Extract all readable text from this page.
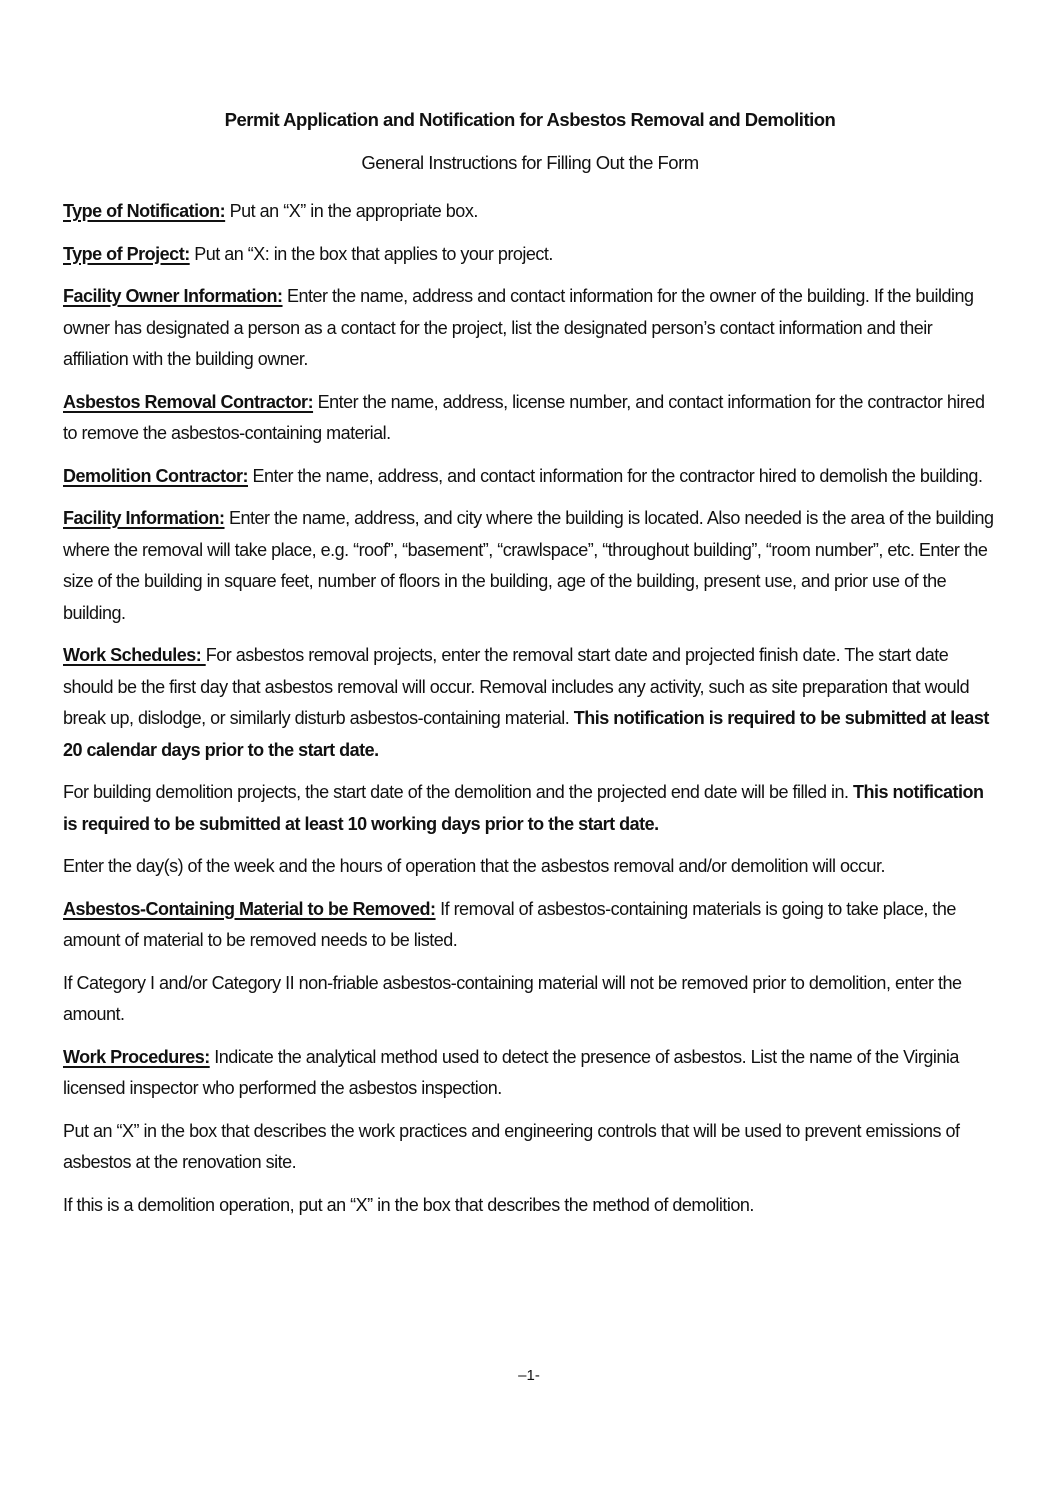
Permit Application and Notification for Asbestos Removal and Demolition
General Instructions for Filling Out the Form

Type of Notification: Put an “X” in the appropriate box.

Type of Project: Put an “X: in the box that applies to your project.

Facility Owner Information: Enter the name, address and contact information for the owner of the building. If the building owner has designated a person as a contact for the project, list the designated person’s contact information and their affiliation with the building owner.

Asbestos Removal Contractor: Enter the name, address, license number, and contact information for the contractor hired to remove the asbestos-containing material.

Demolition Contractor: Enter the name, address, and contact information for the contractor hired to demolish the building.

Facility Information: Enter the name, address, and city where the building is located. Also needed is the area of the building where the removal will take place, e.g. “roof”, “basement”, “crawlspace”, “throughout building”, “room number”, etc. Enter the size of the building in square feet, number of floors in the building, age of the building, present use, and prior use of the building.

Work Schedules: For asbestos removal projects, enter the removal start date and projected finish date. The start date should be the first day that asbestos removal will occur. Removal includes any activity, such as site preparation that would break up, dislodge, or similarly disturb asbestos-containing material. This notification is required to be submitted at least 20 calendar days prior to the start date.

For building demolition projects, the start date of the demolition and the projected end date will be filled in. This notification is required to be submitted at least 10 working days prior to the start date.

Enter the day(s) of the week and the hours of operation that the asbestos removal and/or demolition will occur.

Asbestos-Containing Material to be Removed: If removal of asbestos-containing materials is going to take place, the amount of material to be removed needs to be listed.

If Category I and/or Category II non-friable asbestos-containing material will not be removed prior to demolition, enter the amount.

Work Procedures: Indicate the analytical method used to detect the presence of asbestos. List the name of the Virginia licensed inspector who performed the asbestos inspection.

Put an “X” in the box that describes the work practices and engineering controls that will be used to prevent emissions of asbestos at the renovation site.

If this is a demolition operation, put an “X” in the box that describes the method of demolition.

–1-
